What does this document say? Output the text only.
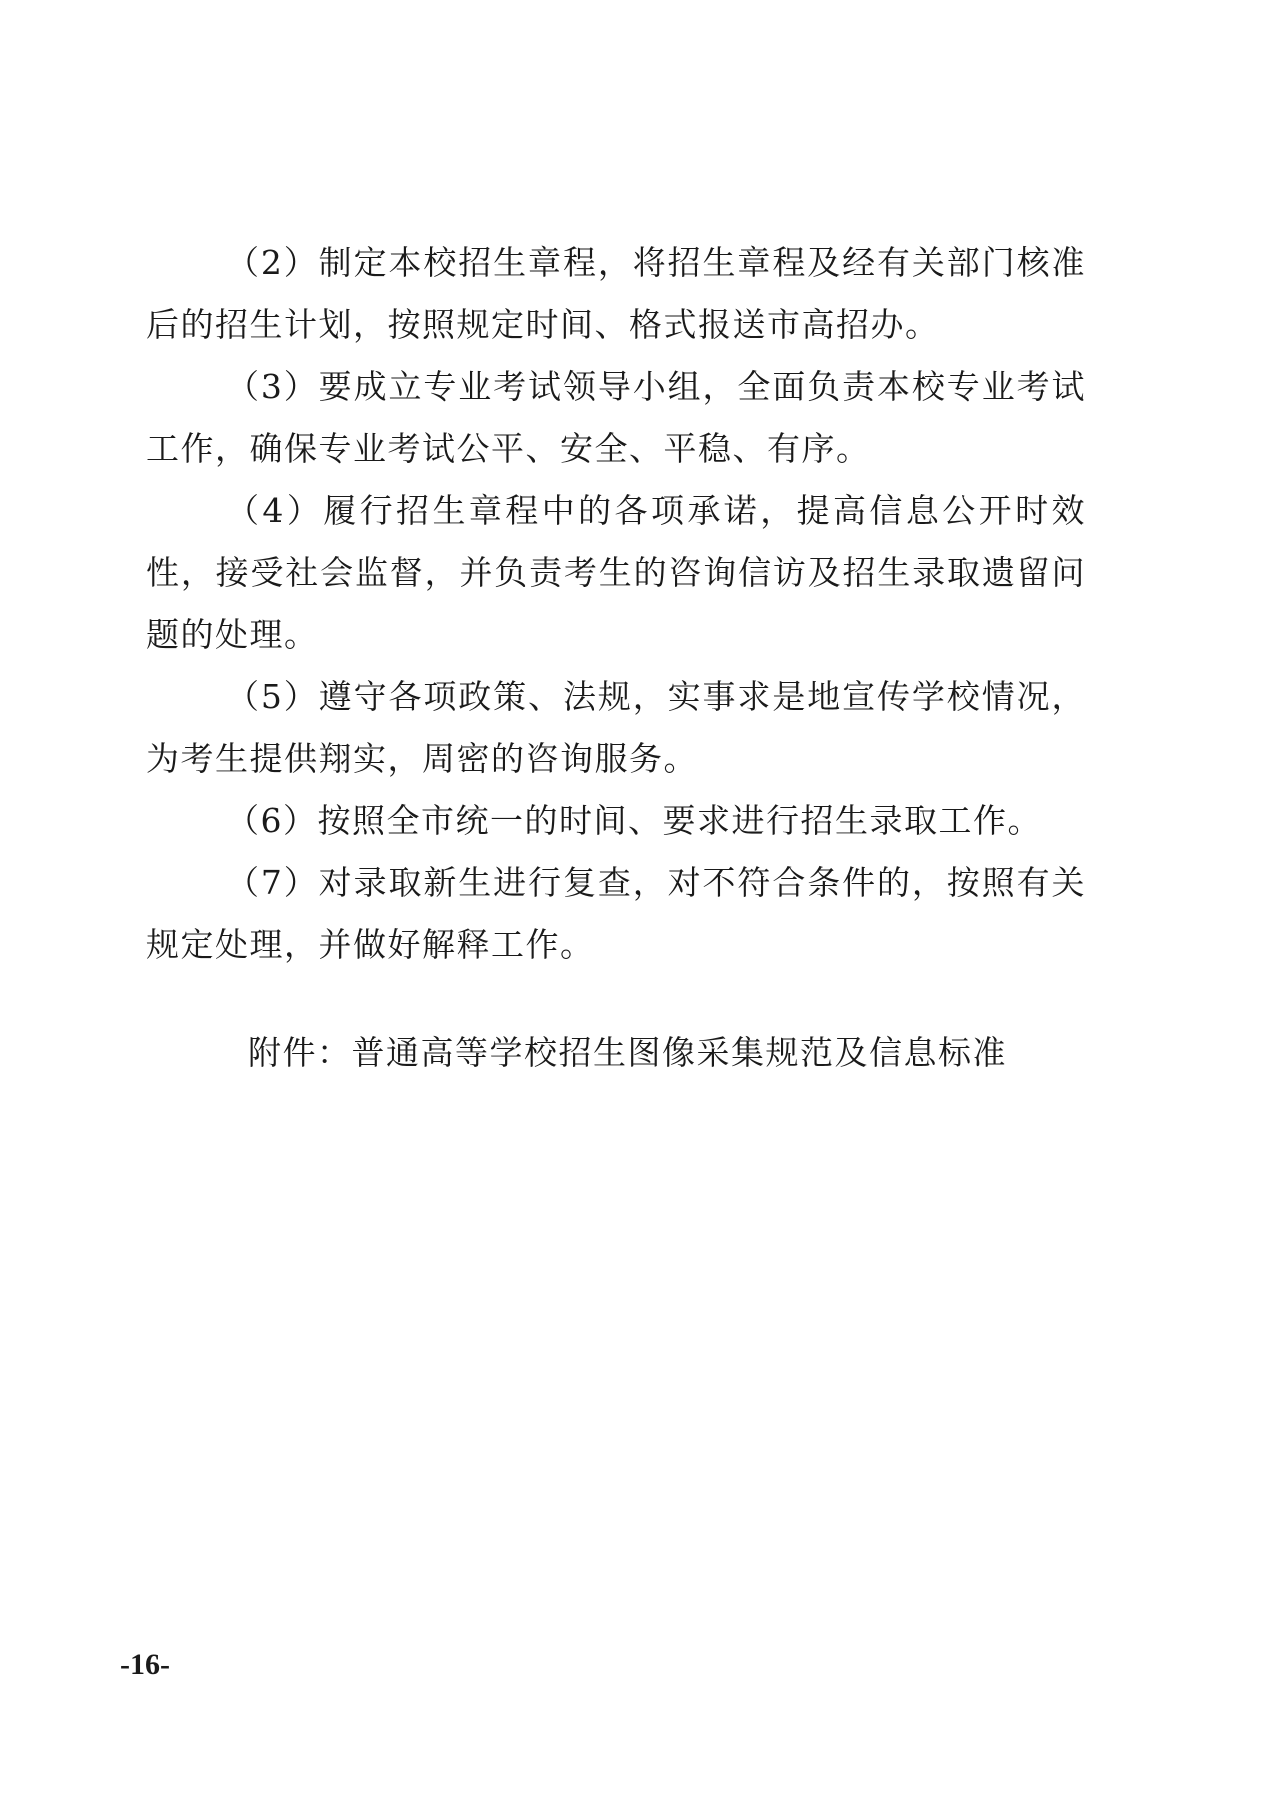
（2）制定本校招生章程，将招生章程及经有关部门核准后的招生计划，按照规定时间、格式报送市高招办。

（3）要成立专业考试领导小组，全面负责本校专业考试工作，确保专业考试公平、安全、平稳、有序。

（4）履行招生章程中的各项承诺，提高信息公开时效性，接受社会监督，并负责考生的咨询信访及招生录取遗留问题的处理。

（5）遵守各项政策、法规，实事求是地宣传学校情况，为考生提供翔实，周密的咨询服务。

（6）按照全市统一的时间、要求进行招生录取工作。

（7）对录取新生进行复查，对不符合条件的，按照有关规定处理，并做好解释工作。

附件：普通高等学校招生图像采集规范及信息标准
-16-
